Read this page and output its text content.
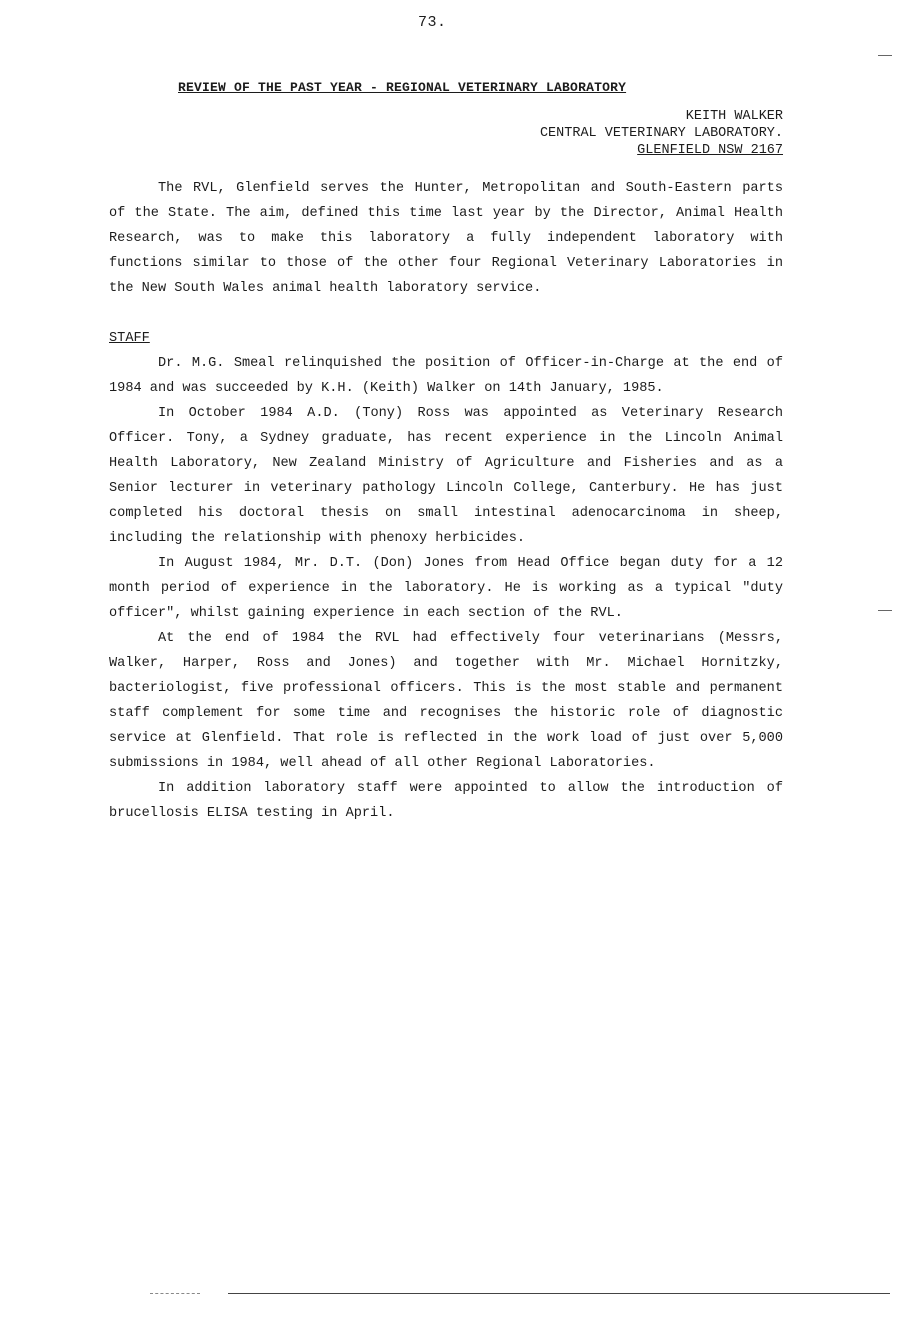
73.
REVIEW OF THE PAST YEAR - REGIONAL VETERINARY LABORATORY
KEITH WALKER
CENTRAL VETERINARY LABORATORY.
GLENFIELD NSW 2167

The RVL, Glenfield serves the Hunter, Metropolitan and South-Eastern parts of the State. The aim, defined this time last year by the Director, Animal Health Research, was to make this laboratory a fully independent laboratory with functions similar to those of the other four Regional Veterinary Laboratories in the New South Wales animal health laboratory service.

STAFF

Dr. M.G. Smeal relinquished the position of Officer-in-Charge at the end of 1984 and was succeeded by K.H. (Keith) Walker on 14th January, 1985.

In October 1984 A.D. (Tony) Ross was appointed as Veterinary Research Officer. Tony, a Sydney graduate, has recent experience in the Lincoln Animal Health Laboratory, New Zealand Ministry of Agriculture and Fisheries and as a Senior lecturer in veterinary pathology Lincoln College, Canterbury. He has just completed his doctoral thesis on small intestinal adenocarcinoma in sheep, including the relationship with phenoxy herbicides.

In August 1984, Mr. D.T. (Don) Jones from Head Office began duty for a 12 month period of experience in the laboratory. He is working as a typical "duty officer", whilst gaining experience in each section of the RVL.

At the end of 1984 the RVL had effectively four veterinarians (Messrs, Walker, Harper, Ross and Jones) and together with Mr. Michael Hornitzky, bacteriologist, five professional officers. This is the most stable and permanent staff complement for some time and recognises the historic role of diagnostic service at Glenfield. That role is reflected in the work load of just over 5,000 submissions in 1984, well ahead of all other Regional Laboratories.

In addition laboratory staff were appointed to allow the introduction of brucellosis ELISA testing in April.
